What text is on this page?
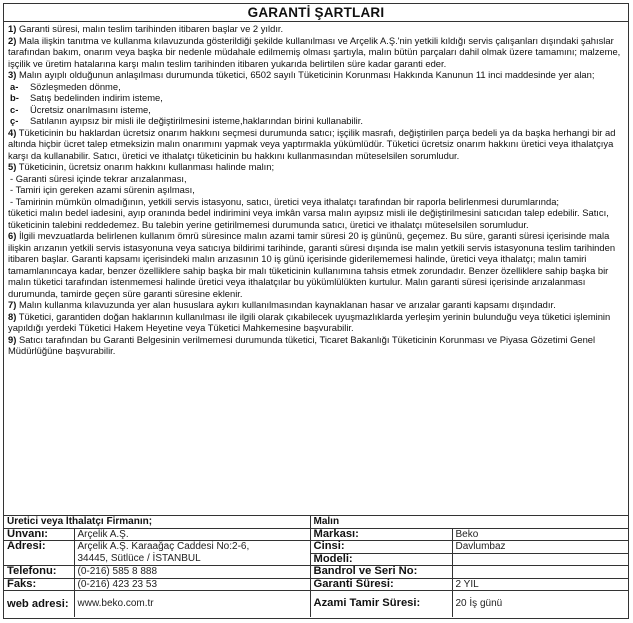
GARANTİ ŞARTLARI
1) Garanti süresi, malın teslim tarihinden itibaren başlar ve 2 yıldır.
2) Mala ilişkin tanıtma ve kullanma kılavuzunda gösterildiği şekilde kullanılması ve Arçelik A.Ş.'nin yetkili kıldığı servis çalışanları dışındaki şahıslar tarafından bakım, onarım veya başka bir nedenle müdahale edilmemiş olması şartıyla, malın bütün parçaları dahil olmak üzere tamamını; malzeme, işçilik ve üretim hatalarına karşı malın teslim tarihinden itibaren yukarıda belirtilen süre kadar garanti eder.
3) Malın ayıplı olduğunun anlaşılması durumunda tüketici, 6502 sayılı Tüketicinin Korunması Hakkında Kanunun 11 inci maddesinde yer alan;
a- Sözleşmeden dönme,
b- Satış bedelinden indirim isteme,
c- Ücretsiz onarılmasını isteme,
ç- Satılanın ayıpsız bir misli ile değiştirilmesini isteme,haklarından birini kullanabilir.
4) Tüketicinin bu haklardan ücretsiz onarım hakkını seçmesi durumunda satıcı; işçilik masrafı, değiştirilen parça bedeli ya da başka herhangi bir ad altında hiçbir ücret talep etmeksizin malın onarımını yapmak veya yaptırmakla yükümlüdür. Tüketici ücretsiz onarım hakkını üretici veya ithalatçıya karşı da kullanabilir. Satıcı, üretici ve ithalatçı tüketicinin bu hakkını kullanmasından müteselsilen sorumludur.
5) Tüketicinin, ücretsiz onarım hakkını kullanması halinde malın;
- Garanti süresi içinde tekrar arızalanması,
- Tamiri için gereken azami sürenin aşılması,
- Tamirinin mümkün olmadığının, yetkili servis istasyonu, satıcı, üretici veya ithalatçı tarafından bir raporla belirlenmesi durumlarında;
tüketici malın bedel iadesini, ayıp oranında bedel indirimini veya imkân varsa malın ayıpsız misli ile değiştirilmesini satıcıdan talep edebilir. Satıcı, tüketicinin talebini reddedemez. Bu talebin yerine getirilmemesi durumunda satıcı, üretici ve ithalatçı müteselsilen sorumludur.
6) İlgili mevzuatlarda belirlenen kullanım ömrü süresince malın azami tamir süresi 20 iş gününü, geçemez. Bu süre, garanti süresi içerisinde mala ilişkin arızanın yetkili servis istasyonuna veya satıcıya bildirimi tarihinde, garanti süresi dışında ise malın yetkili servis istasyonuna teslim tarihinden itibaren başlar. Garanti kapsamı içerisindeki malın arızasının 10 iş günü içerisinde giderilememesi halinde, üretici veya ithalatçı; malın tamiri tamamlanıncaya kadar, benzer özelliklere sahip başka bir malı tüketicinin kullanımına tahsis etmek zorundadır. Benzer özelliklere sahip başka bir malın tüketici tarafından istenmemesi halinde üretici veya ithalatçılar bu yükümlülükten kurtulur. Malın garanti süresi içerisinde arızalanması durumunda, tamirde geçen süre garanti süresine eklenir.
7) Malın kullanma kılavuzunda yer alan hususlara aykırı kullanılmasından kaynaklanan hasar ve arızalar garanti kapsamı dışındadır.
8) Tüketici, garantiden doğan haklarının kullanılması ile ilgili olarak çıkabilecek uyuşmazlıklarda yerleşim yerinin bulunduğu veya tüketici işleminin yapıldığı yerdeki Tüketici Hakem Heyetine veya Tüketici Mahkemesine başvurabilir.
9) Satıcı tarafından bu Garanti Belgesinin verilmemesi durumunda tüketici, Ticaret Bakanlığı Tüketicinin Korunması ve Piyasa Gözetimi Genel Müdürlüğüne başvurabilir.
Üretici veya İthalatçı Firmanın;		Malın	
Unvanı:	Arçelik A.Ş.	Markası:	Beko
Adresi:	Arçelik A.Ş. Karaağaç Caddesi No:2-6,
34445, Sütlüce / İSTANBUL	Cinsi:	Davlumbaz
		Modeli:	
Telefonu:	(0-216) 585 8 888	Bandrol ve Seri No:	
Faks:	(0-216) 423 23 53	Garanti Süresi:	2 YIL
web adresi:	www.beko.com.tr	Azami Tamir Süresi:	20 İş günü
